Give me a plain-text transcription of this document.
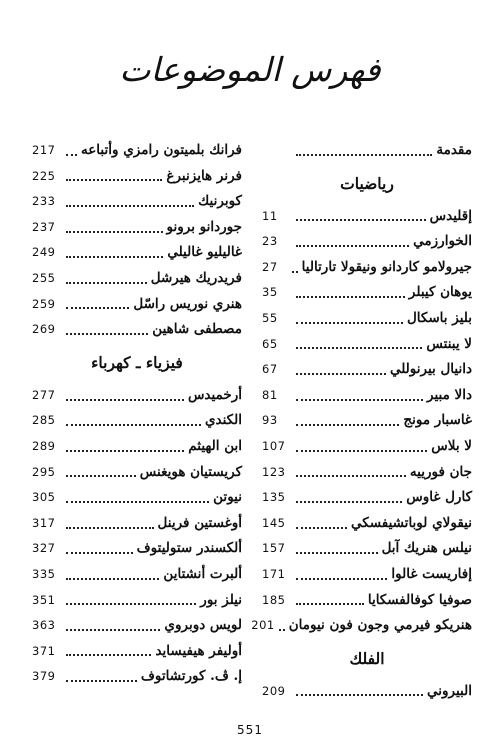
فهرس الموضوعات
مقدمة
رياضيات
إقليدس
11
الخوارزمي
23
جيرولامو كاردانو ونيقولا تارتاليا
27
يوهان كيبلر
35
بليز باسكال
55
لا يبنتس
65
دانيال بيرنوللي
67
دالا مبير
81
غاسبار مونج
93
لا بلاس
107
جان فورييه
123
كارل غاوس
135
نيقولاي لوباتشيفسكي
145
نيلس هنريك آبل
157
إفاريست غالوا
171
صوفيا كوفالفسكايا
185
هنريكو فيرمي وجون فون نيومان
201
الفلك
البيروني
209
فرانك بلميتون رامزي وأتباعه
217
فرنر هايزنبرغ
225
كوبرنيك
233
جوردانو برونو
237
غاليليو غاليلي
249
فريدريك هيرشل
255
هنري نوريس راسّل
259
مصطفى شاهين
269
فيزياء ـ كهرباء
أرخميدس
277
الكندي
285
ابن الهيثم
289
كريستيان هويغنس
295
نيوتن
305
أوغستين فرينل
317
ألكسندر ستوليتوف
327
ألبرت أنشتاين
335
نيلز بور
351
لويس دوبروي
363
أوليفر هيفيسايد
371
إ. ڤ. كورتشاتوف
379
551
